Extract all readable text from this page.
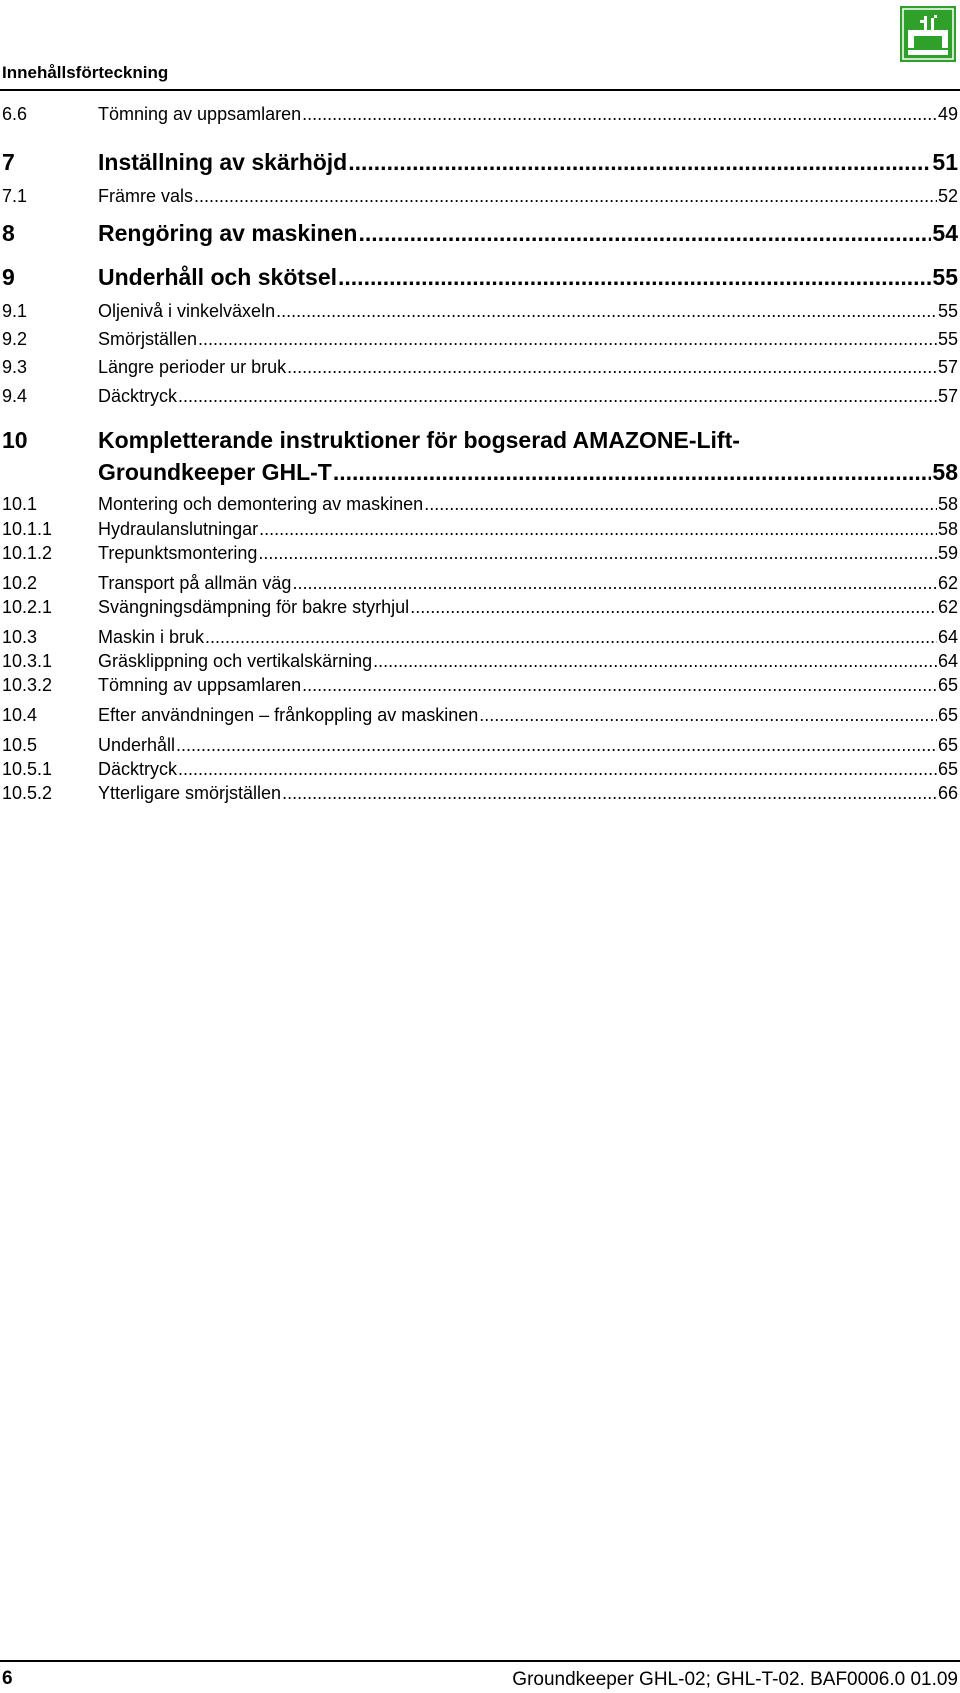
Innehållsförteckning
6.6	Tömning av uppsamlaren .....	49
7	Inställning av skärhöjd .....	51
7.1	Främre vals .....	52
8	Rengöring av maskinen .....	54
9	Underhåll och skötsel .....	55
9.1	Oljenivå i vinkelväxeln .....	55
9.2	Smörjställen .....	55
9.3	Längre perioder ur bruk .....	57
9.4	Däcktryck .....	57
10	Kompletterande instruktioner för bogserad AMAZONE-Lift-
Groundkeeper GHL-T .....	58
10.1	Montering och demontering av maskinen .....	58
10.1.1	Hydraulanslutningar .....	58
10.1.2	Trepunktsmontering .....	59
10.2	Transport på allmän väg .....	62
10.2.1	Svängningsdämpning för bakre styrhjul .....	62
10.3	Maskin i bruk .....	64
10.3.1	Gräsklippning och vertikalskärning .....	64
10.3.2	Tömning av uppsamlaren .....	65
10.4	Efter användningen – frånkoppling av maskinen .....	65
10.5	Underhåll .....	65
10.5.1	Däcktryck .....	65
10.5.2	Ytterligare smörjställen .....	66
6	Groundkeeper GHL-02; GHL-T-02. BAF0006.0 01.09
